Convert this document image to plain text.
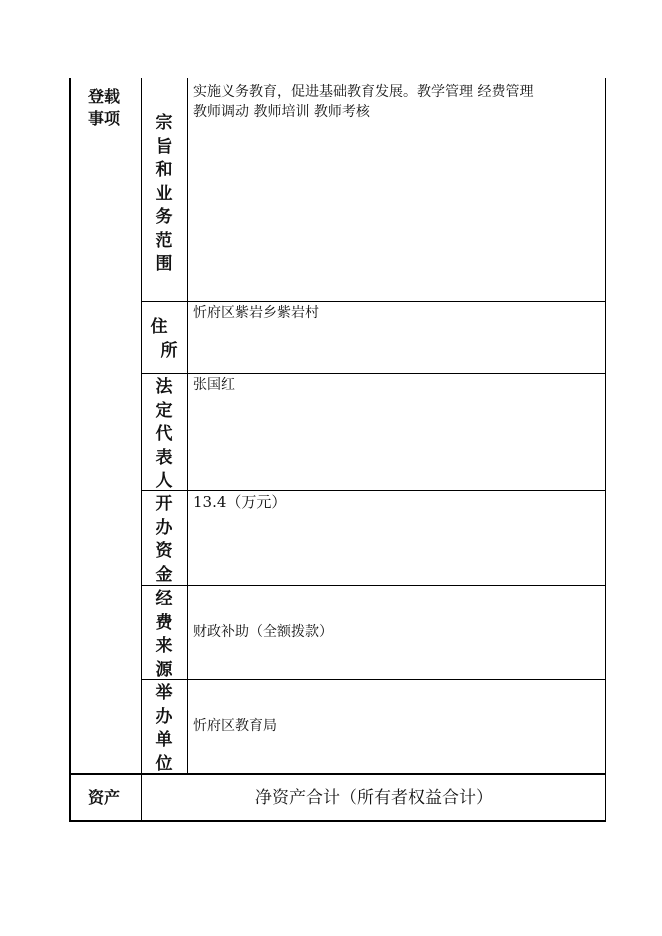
登载
事项 宗
旨
和
业
务
范
围
实施义务教育，促进基础教育发展。教学管理 经费管理
教师调动 教师培训 教师考核
住
所
忻府区紫岩乡紫岩村
法
定
代
表
人
张国红
开
办
资
金
13.4（万元）
经
费
来
源
财政补助（全额拨款）
举
办
单
位
忻府区教育局
资产	净资产合计（所有者权益合计）
